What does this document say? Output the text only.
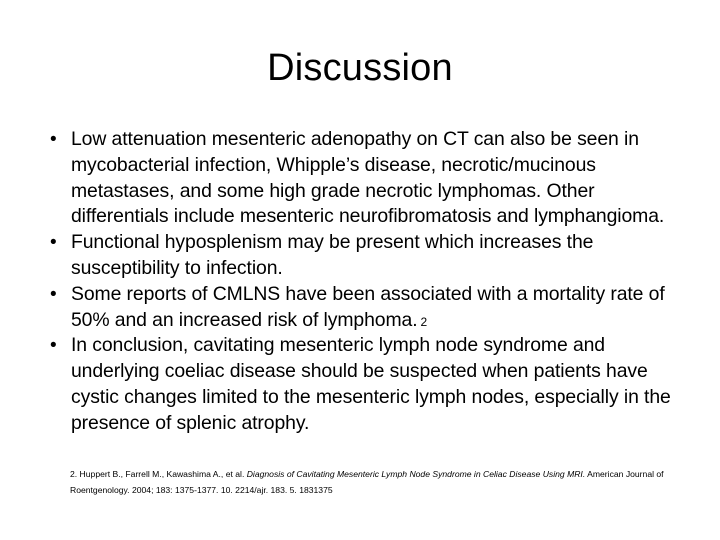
Discussion
• Low attenuation mesenteric adenopathy on CT can also be seen in mycobacterial infection, Whipple’s disease, necrotic/mucinous metastases, and some high grade necrotic lymphomas. Other differentials include mesenteric neurofibromatosis and lymphangioma.
• Functional hyposplenism may be present which increases the susceptibility to infection.
• Some reports of CMLNS have been associated with a mortality rate of 50% and an increased risk of lymphoma. $^2$
• In conclusion, cavitating mesenteric lymph node syndrome and underlying coeliac disease should be suspected when patients have cystic changes limited to the mesenteric lymph nodes, especially in the presence of splenic atrophy.
2. Huppert B., Farrell M., Kawashima A., et al. Diagnosis of Cavitating Mesenteric Lymph Node Syndrome in Celiac Disease Using MRI. American Journal of Roentgenology. 2004; 183: 1375-1377. 10. 2214/ajr. 183. 5. 1831375
